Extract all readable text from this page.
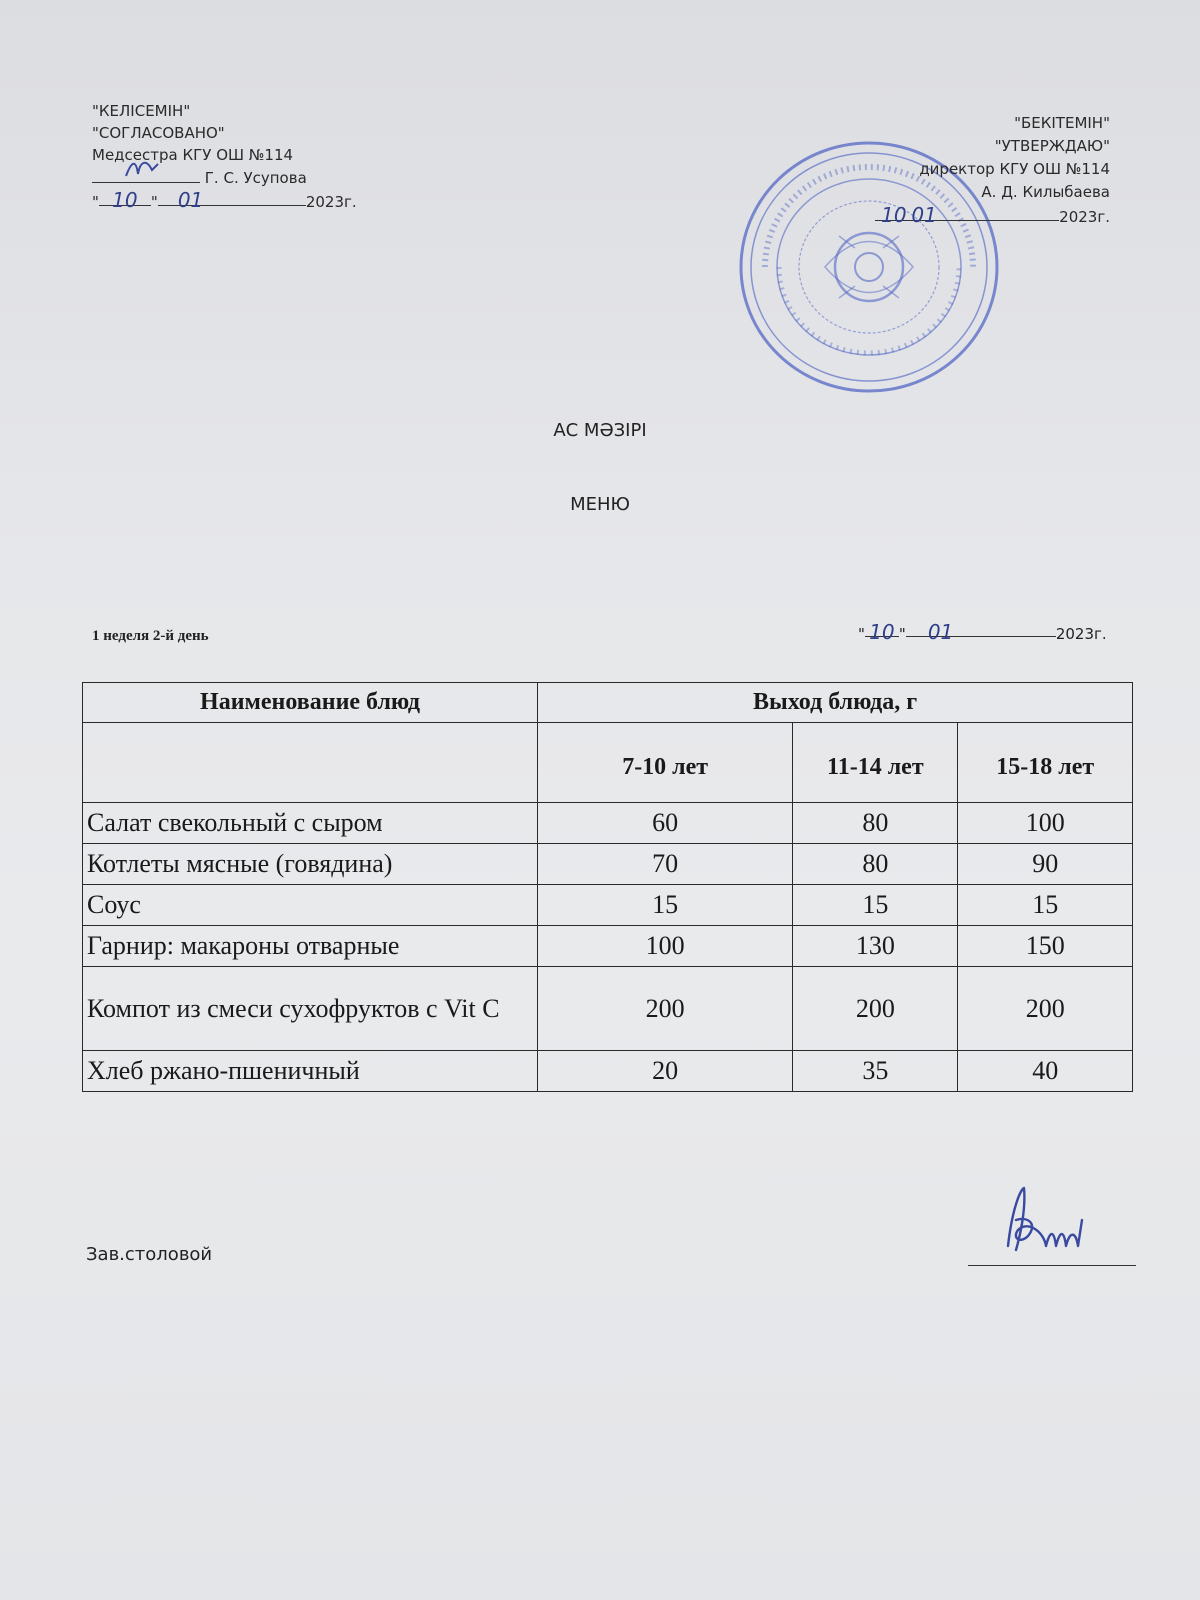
"КЕЛІСЕМІН"
"СОГЛАСОВАНО"
Медсестра КГУ ОШ №114
Г. С. Усупова
" 10 " 01	2023г.
"БЕКІТЕМІН"
"УТВЕРЖДАЮ"
директор КГУ ОШ №114
А. Д. Килыбаева
10 01	2023г.
АС МӘЗІРІ
МЕНЮ
1 неделя 2-й день	" 10 " 01	2023г.
Наименование блюд	Выход блюда, г		
	7-10 лет	11-14 лет	15-18 лет
Салат свекольный с сыром	60	80	100
Котлеты мясные (говядина)	70	80	90
Соус	15	15	15
Гарнир: макароны отварные	100	130	150
Компот из смеси сухофруктов с Vit C	200	200	200
Хлеб ржано-пшеничный	20	35	40
Зав.столовой
